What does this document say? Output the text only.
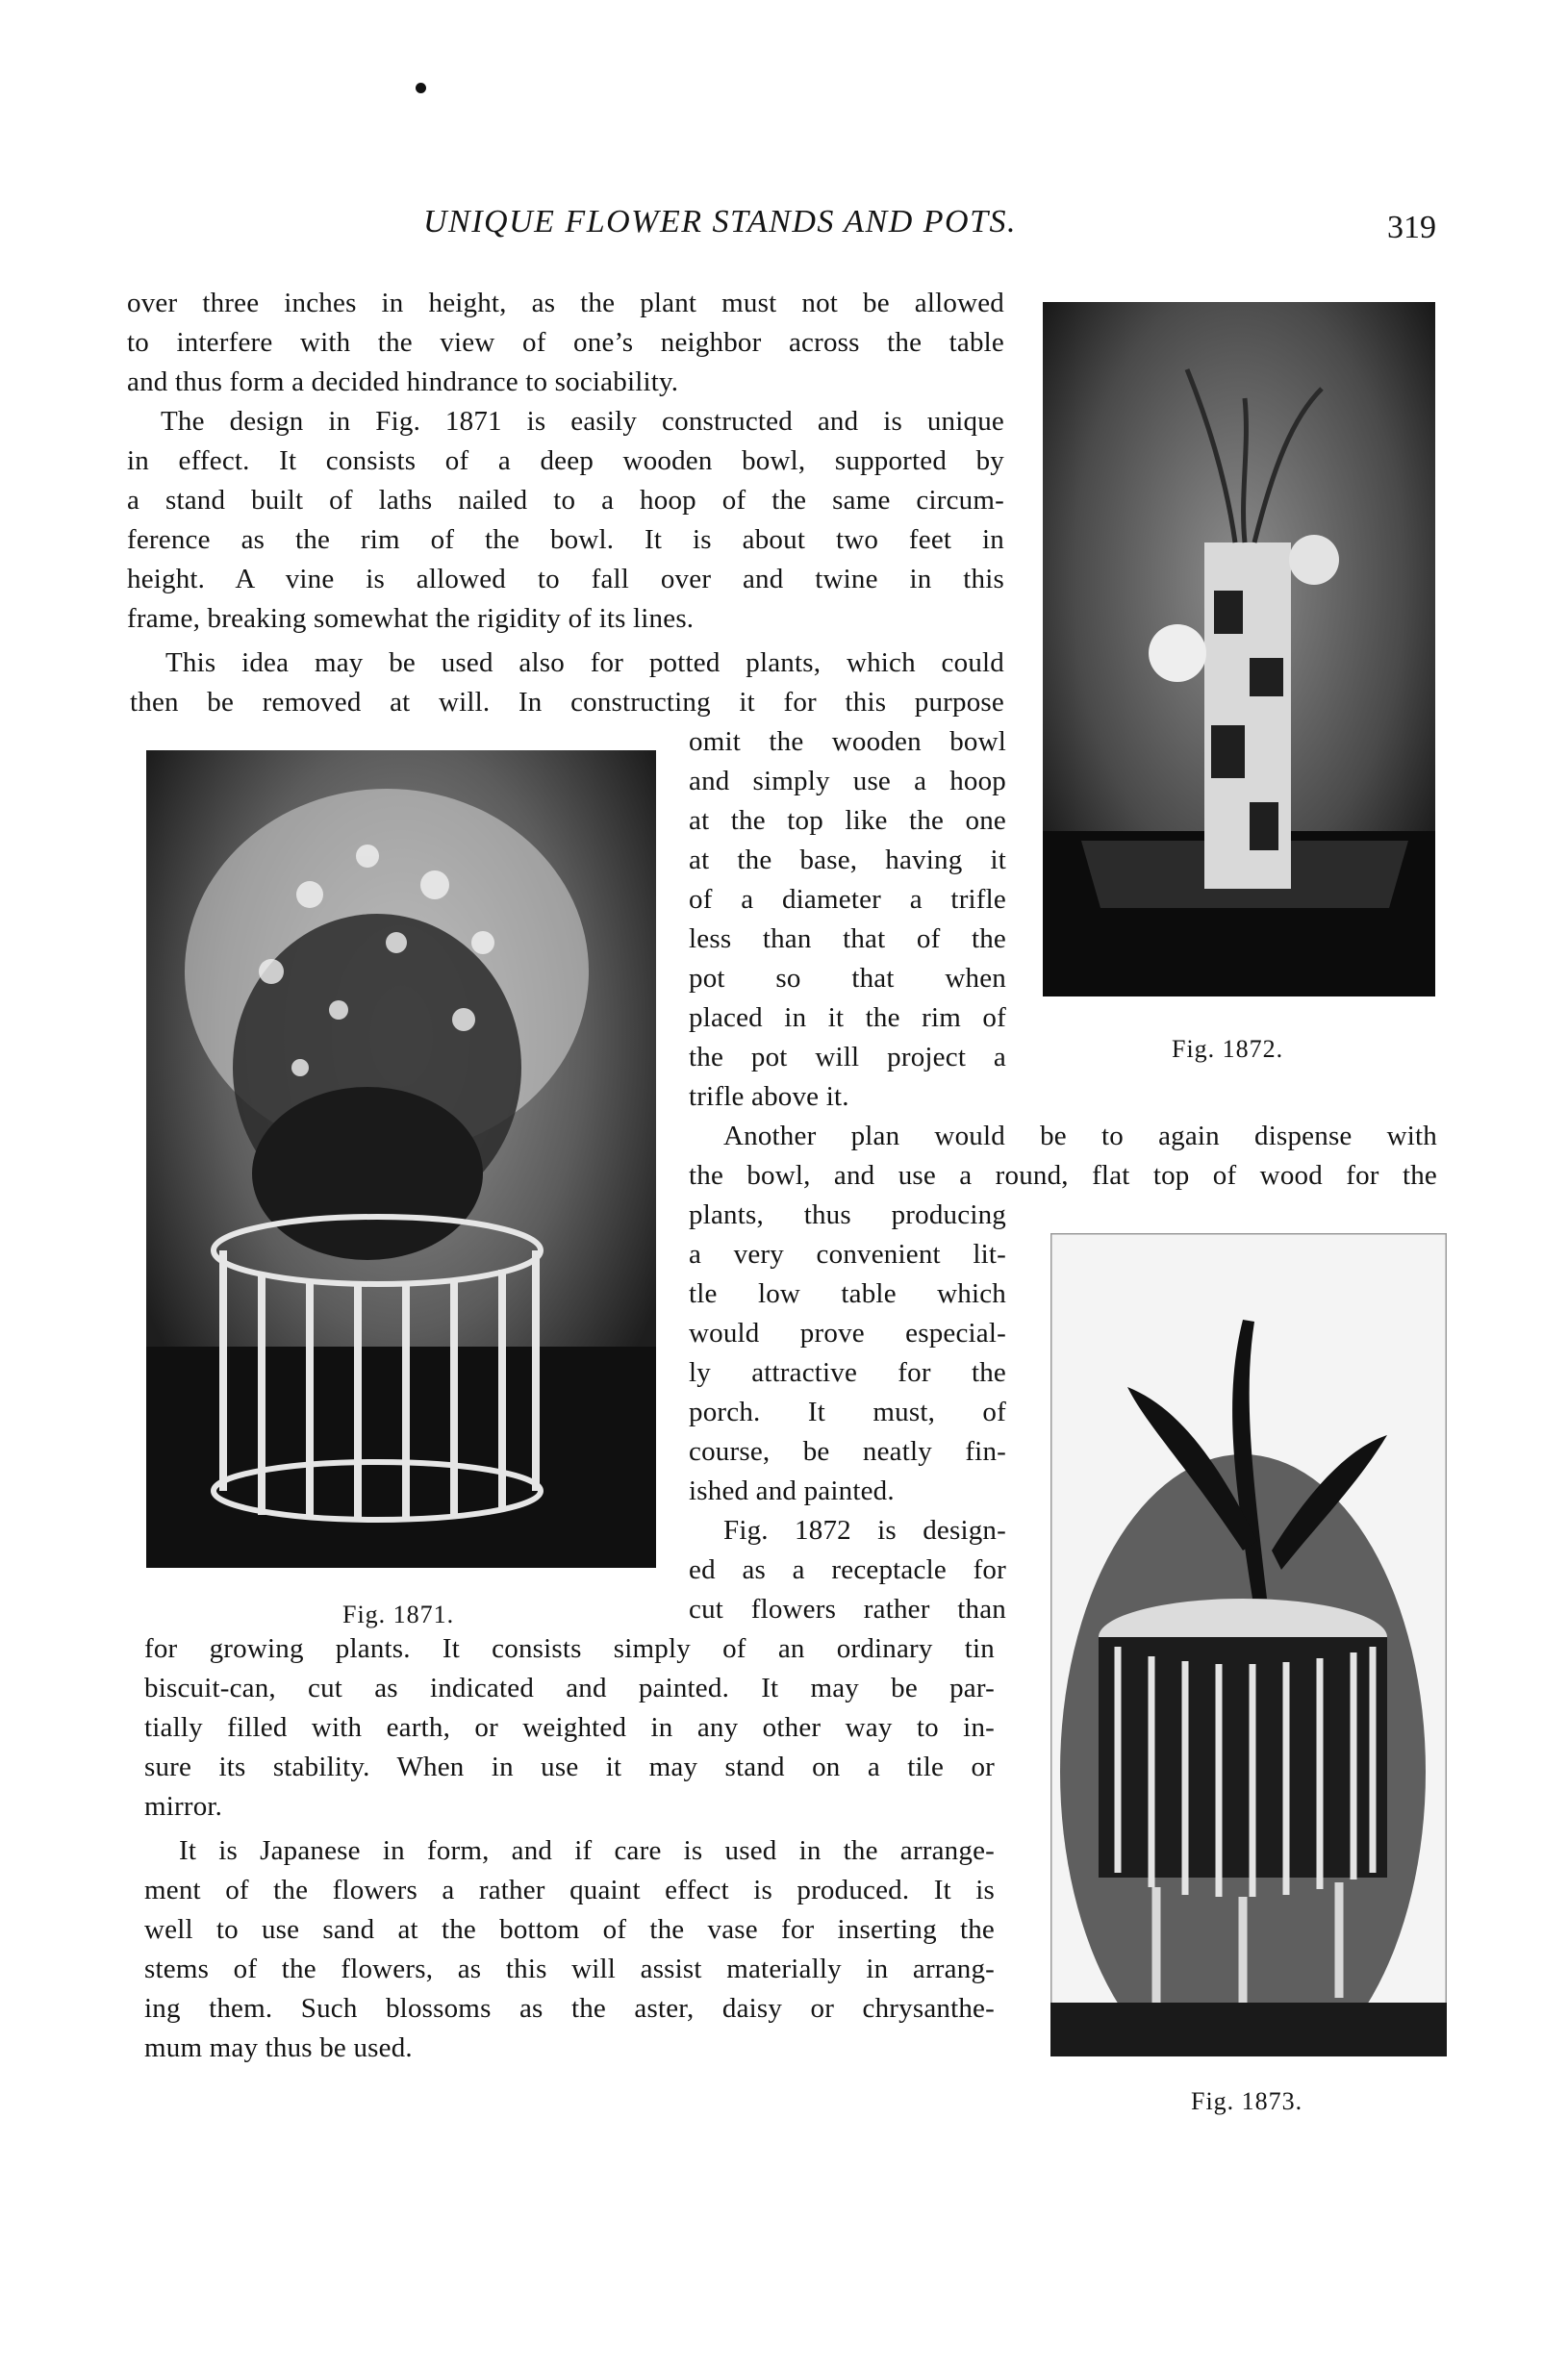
UNIQUE FLOWER STANDS AND POTS.	319
over three inches in height, as the plant must not be allowed
to interfere with the view of one’s neighbor across the table
and thus form a decided hindrance to sociability.
The design in Fig. 1871 is easily constructed and is unique
in effect. It consists of a deep wooden bowl, supported by
a stand built of laths nailed to a hoop of the same circum-
ference as the rim of the bowl. It is about two feet in
height. A vine is allowed to fall over and twine in this
frame, breaking somewhat the rigidity of its lines.
This idea may be used also for potted plants, which could
then be removed at will. In constructing it for this purpose
omit the wooden bowl
and simply use a hoop
at the top like the one
at the base, having it
of a diameter a trifle
less than that of the
pot so that when
placed in it the rim of
the pot will project a
trifle above it.
Another plan would be to again dispense with
the bowl, and use a round, flat top of wood for the
plants, thus producing
a very convenient lit-
tle low table which
would prove especial-
ly attractive for the
porch. It must, of
course, be neatly fin-
ished and painted.
Fig. 1872 is design-
ed as a receptacle for
cut flowers rather than
for growing plants. It consists simply of an ordinary tin
biscuit-can, cut as indicated and painted. It may be par-
tially filled with earth, or weighted in any other way to in-
sure its stability. When in use it may stand on a tile or
mirror.
It is Japanese in form, and if care is used in the arrange-
ment of the flowers a rather quaint effect is produced. It is
well to use sand at the bottom of the vase for inserting the
stems of the flowers, as this will assist materially in arrang-
ing them. Such blossoms as the aster, daisy or chrysanthe-
mum may thus be used.
Fig. 1871.
Fig. 1872.
Fig. 1873.
